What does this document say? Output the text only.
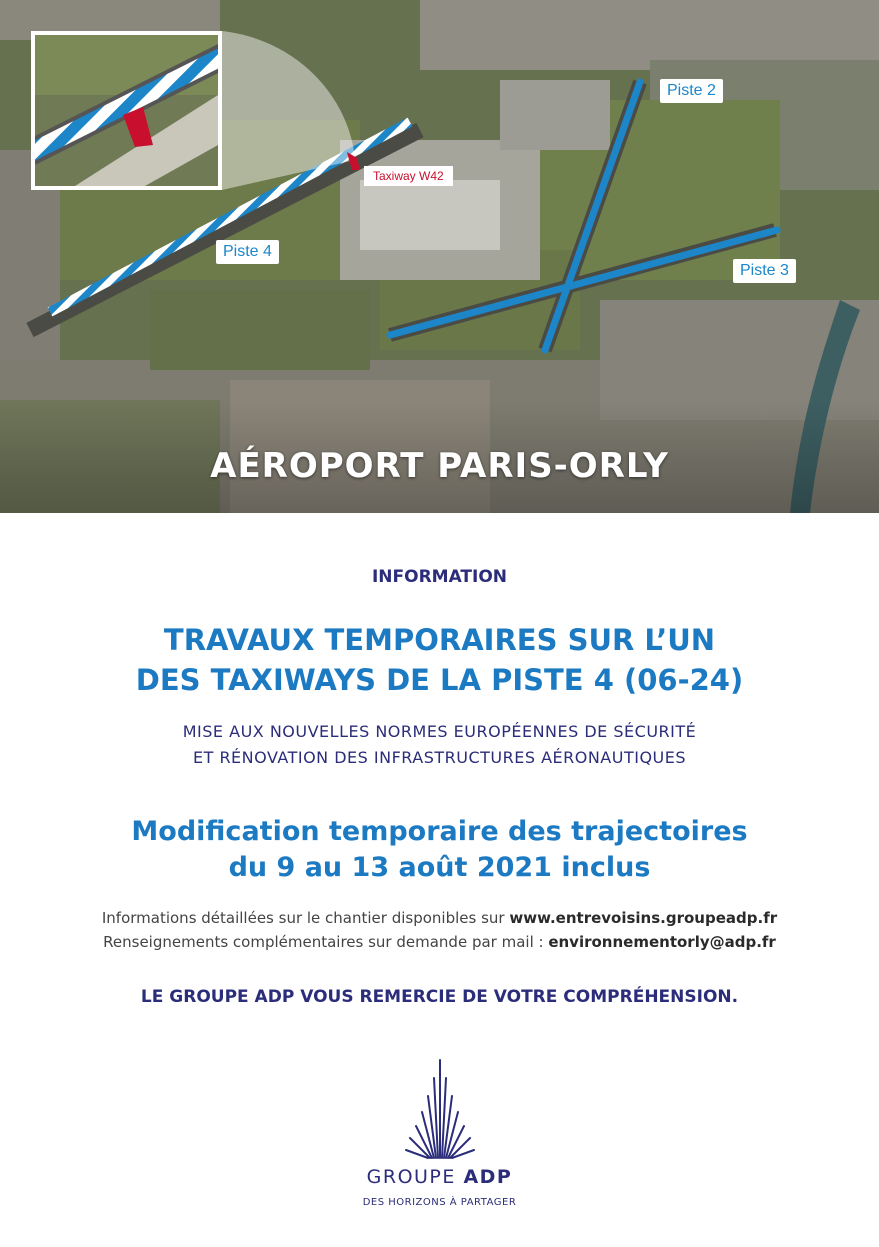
Piste 2
Piste 3
Piste 4
Taxiway W42
AÉROPORT PARIS-ORLY
INFORMATION
TRAVAUX TEMPORAIRES SUR L’UN
DES TAXIWAYS DE LA PISTE 4 (06-24)
MISE AUX NOUVELLES NORMES EUROPÉENNES DE SÉCURITÉ
ET RÉNOVATION DES INFRASTRUCTURES AÉRONAUTIQUES
Modification temporaire des trajectoires
du 9 au 13 août 2021 inclus
Informations détaillées sur le chantier disponibles sur www.entrevoisins.groupeadp.fr
Renseignements complémentaires sur demande par mail : environnementorly@adp.fr
LE GROUPE ADP VOUS REMERCIE DE VOTRE COMPRÉHENSION.
GROUPE ADP
DES HORIZONS À PARTAGER
